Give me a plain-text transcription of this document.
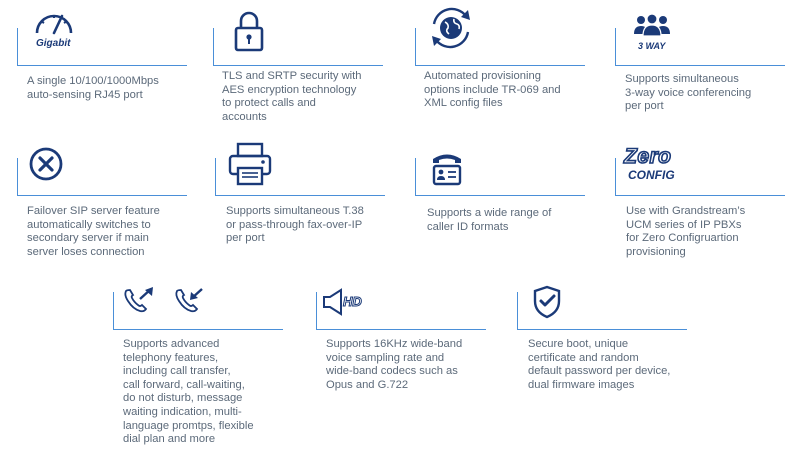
Gigabit
A single 10/100/1000Mbps
auto-sensing RJ45 port
TLS and SRTP security with
AES encryption technology
to protect calls and
accounts
Automated provisioning
options include TR-069 and
XML config files
3 WAY
Supports simultaneous
3-way voice conferencing
per port
Failover SIP server feature
automatically switches to
secondary server if main
server loses connection
Supports simultaneous T.38
or pass-through fax-over-IP
per port
Supports a wide range of
caller ID formats
Zero
CONFIG
Use with Grandstream’s
UCM series of IP PBXs
for Zero Configruartion
provisioning
Supports advanced
telephony features,
including call transfer,
call forward, call-waiting,
do not disturb, message
waiting indication, multi-
language promtps, flexible
dial plan and more
HD
Supports 16KHz wide-band
voice sampling rate and
wide-band codecs such as
Opus and G.722
Secure boot, unique
certificate and random
default password per device,
dual firmware images
